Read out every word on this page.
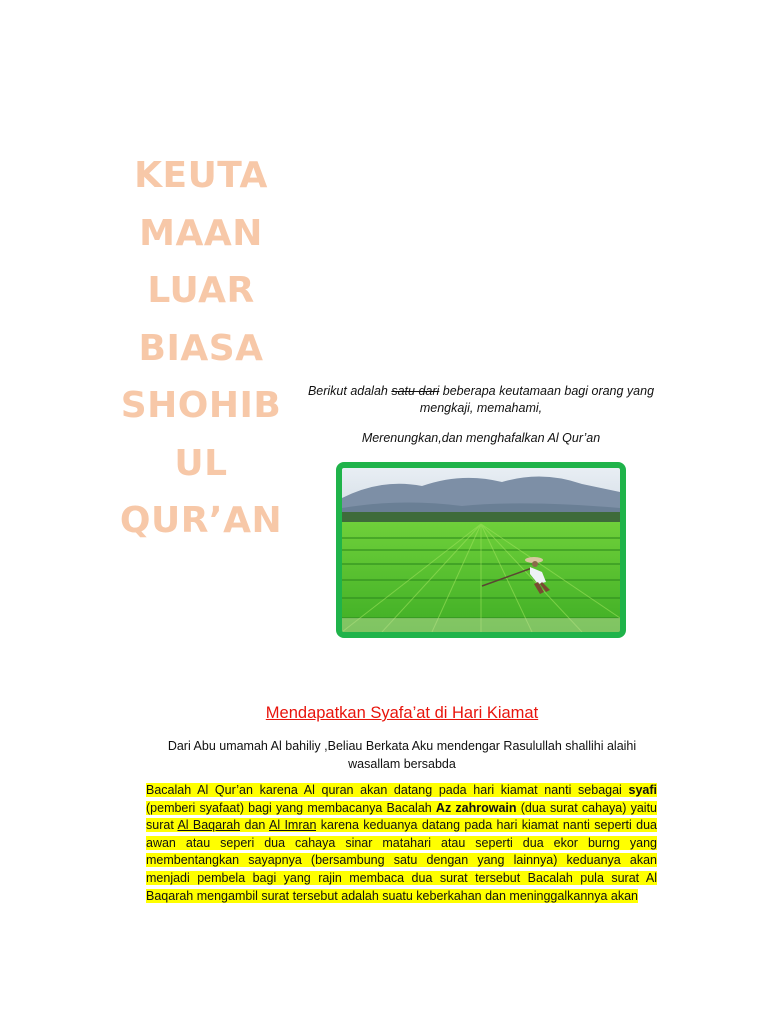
KEUTA
MAAN
LUAR
BIASA
SHOHIB
UL
QUR’AN

Berikut adalah satu dari beberapa keutamaan bagi orang yang mengkaji, memahami,

Merenungkan,dan menghafalkan Al Qur’an

Mendapatkan Syafa’at di Hari Kiamat
Dari Abu umamah Al bahiliy ,Beliau Berkata Aku mendengar Rasulullah shallihi alaihi wasallam bersabda
Bacalah Al Qur’an karena Al quran akan datang pada hari kiamat nanti sebagai syafi (pemberi syafaat) bagi yang membacanya Bacalah Az zahrowain (dua surat cahaya) yaitu surat Al Baqarah dan Al Imran karena keduanya datang pada hari kiamat nanti seperti dua awan atau seperi dua cahaya sinar matahari atau seperti dua ekor burng yang membentangkan sayapnya (bersambung satu dengan yang lainnya) keduanya akan menjadi pembela bagi yang rajin membaca dua surat tersebut Bacalah pula surat Al Baqarah mengambil surat tersebut adalah suatu keberkahan dan meninggalkannya akan
